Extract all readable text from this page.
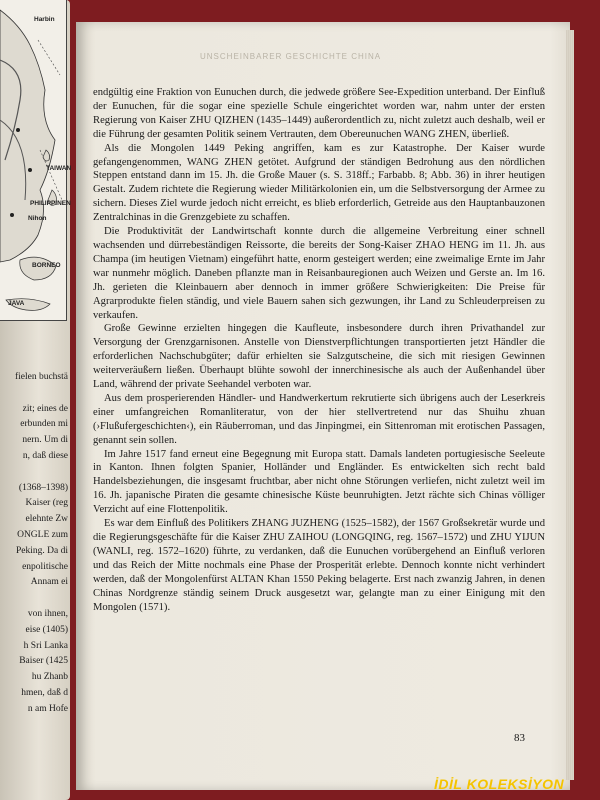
Harbin
TAIWAN
PHILIPPINEN
Nihon
BORNEO
JAVA
fielen buchstä
zit; eines de
erbunden mi
nern. Um di
n, daß diese
(1368–1398)
Kaiser (reg
elehnte Zw
ONGLE zum
Peking. Da di
enpolitische
Annam ei
von ihnen,
eise (1405)
h Sri Lanka
Baiser (1425
hu Zhanb
hmen, daß d
n am Hofe
UNSCHEINBARER GESCHICHTE CHINA

endgültig eine Fraktion von Eunuchen durch, die jedwede größere See-Expedition unterband. Der Einfluß der Eunuchen, für die sogar eine spezielle Schule eingerichtet worden war, nahm unter der ersten Regierung von Kaiser ZHU QIZHEN (1435–1449) außerordentlich zu, nicht zuletzt auch deshalb, weil er die Führung der gesamten Politik seinem Vertrauten, dem Obereunuchen WANG ZHEN, überließ.

Als die Mongolen 1449 Peking angriffen, kam es zur Katastrophe. Der Kaiser wurde gefangengenommen, WANG ZHEN getötet. Aufgrund der ständigen Bedrohung aus den nördlichen Steppen entstand dann im 15. Jh. die Große Mauer (s. S. 318ff.; Farbabb. 8; Abb. 36) in ihrer heutigen Gestalt. Zudem richtete die Regierung wieder Militärkolonien ein, um die Selbstversorgung der Armee zu sichern. Dieses Ziel wurde jedoch nicht erreicht, es blieb erforderlich, Getreide aus den Hauptanbauzonen Zentralchinas in die Grenzgebiete zu schaffen.

Die Produktivität der Landwirtschaft konnte durch die allgemeine Verbreitung einer schnell wachsenden und dürrebeständigen Reissorte, die bereits der Song-Kaiser ZHAO HENG im 11. Jh. aus Champa (im heutigen Vietnam) eingeführt hatte, enorm gesteigert werden; eine zweimalige Ernte im Jahr war nunmehr möglich. Daneben pflanzte man in Reisanbauregionen auch Weizen und Gerste an. Im 16. Jh. gerieten die Kleinbauern aber dennoch in immer größere Schwierigkeiten: Die Preise für Agrarprodukte fielen ständig, und viele Bauern sahen sich gezwungen, ihr Land zu Schleuderpreisen zu verkaufen.

Große Gewinne erzielten hingegen die Kaufleute, insbesondere durch ihren Privathandel zur Versorgung der Grenzgarnisonen. Anstelle von Dienstverpflichtungen transportierten jetzt Händler die erforderlichen Nachschubgüter; dafür erhielten sie Salzgutscheine, die sich mit riesigen Gewinnen weiterveräußern ließen. Überhaupt blühte sowohl der innerchinesische als auch der Außenhandel über Land, während der private Seehandel verboten war.

Aus dem prosperierenden Händler- und Handwerkertum rekrutierte sich übrigens auch der Leserkreis einer umfangreichen Romanliteratur, von der hier stellvertretend nur das Shuihu zhuan (›Flußufergeschichten‹), ein Räuberroman, und das Jinpingmei, ein Sittenroman mit erotischen Passagen, genannt sein sollen.

Im Jahre 1517 fand erneut eine Begegnung mit Europa statt. Damals landeten portugiesische Seeleute in Kanton. Ihnen folgten Spanier, Holländer und Engländer. Es entwickelten sich recht bald Handelsbeziehungen, die insgesamt fruchtbar, aber nicht ohne Störungen verliefen, nicht zuletzt weil im 16. Jh. japanische Piraten die gesamte chinesische Küste beunruhigten. Jetzt rächte sich Chinas völliger Verzicht auf eine Flottenpolitik.

Es war dem Einfluß des Politikers ZHANG JUZHENG (1525–1582), der 1567 Großsekretär wurde und die Regierungsgeschäfte für die Kaiser ZHU ZAIHOU (LONGQING, reg. 1567–1572) und ZHU YIJUN (WANLI, reg. 1572–1620) führte, zu verdanken, daß die Eunuchen vorübergehend an Einfluß verloren und das Reich der Mitte nochmals eine Phase der Prosperität erlebte. Dennoch konnte nicht verhindert werden, daß der Mongolenfürst ALTAN Khan 1550 Peking belagerte. Erst nach zwanzig Jahren, in denen Chinas Nordgrenze ständig seinem Druck ausgesetzt war, gelangte man zu einer Einigung mit den Mongolen (1571).

83
İDİL KOLEKSİYON
